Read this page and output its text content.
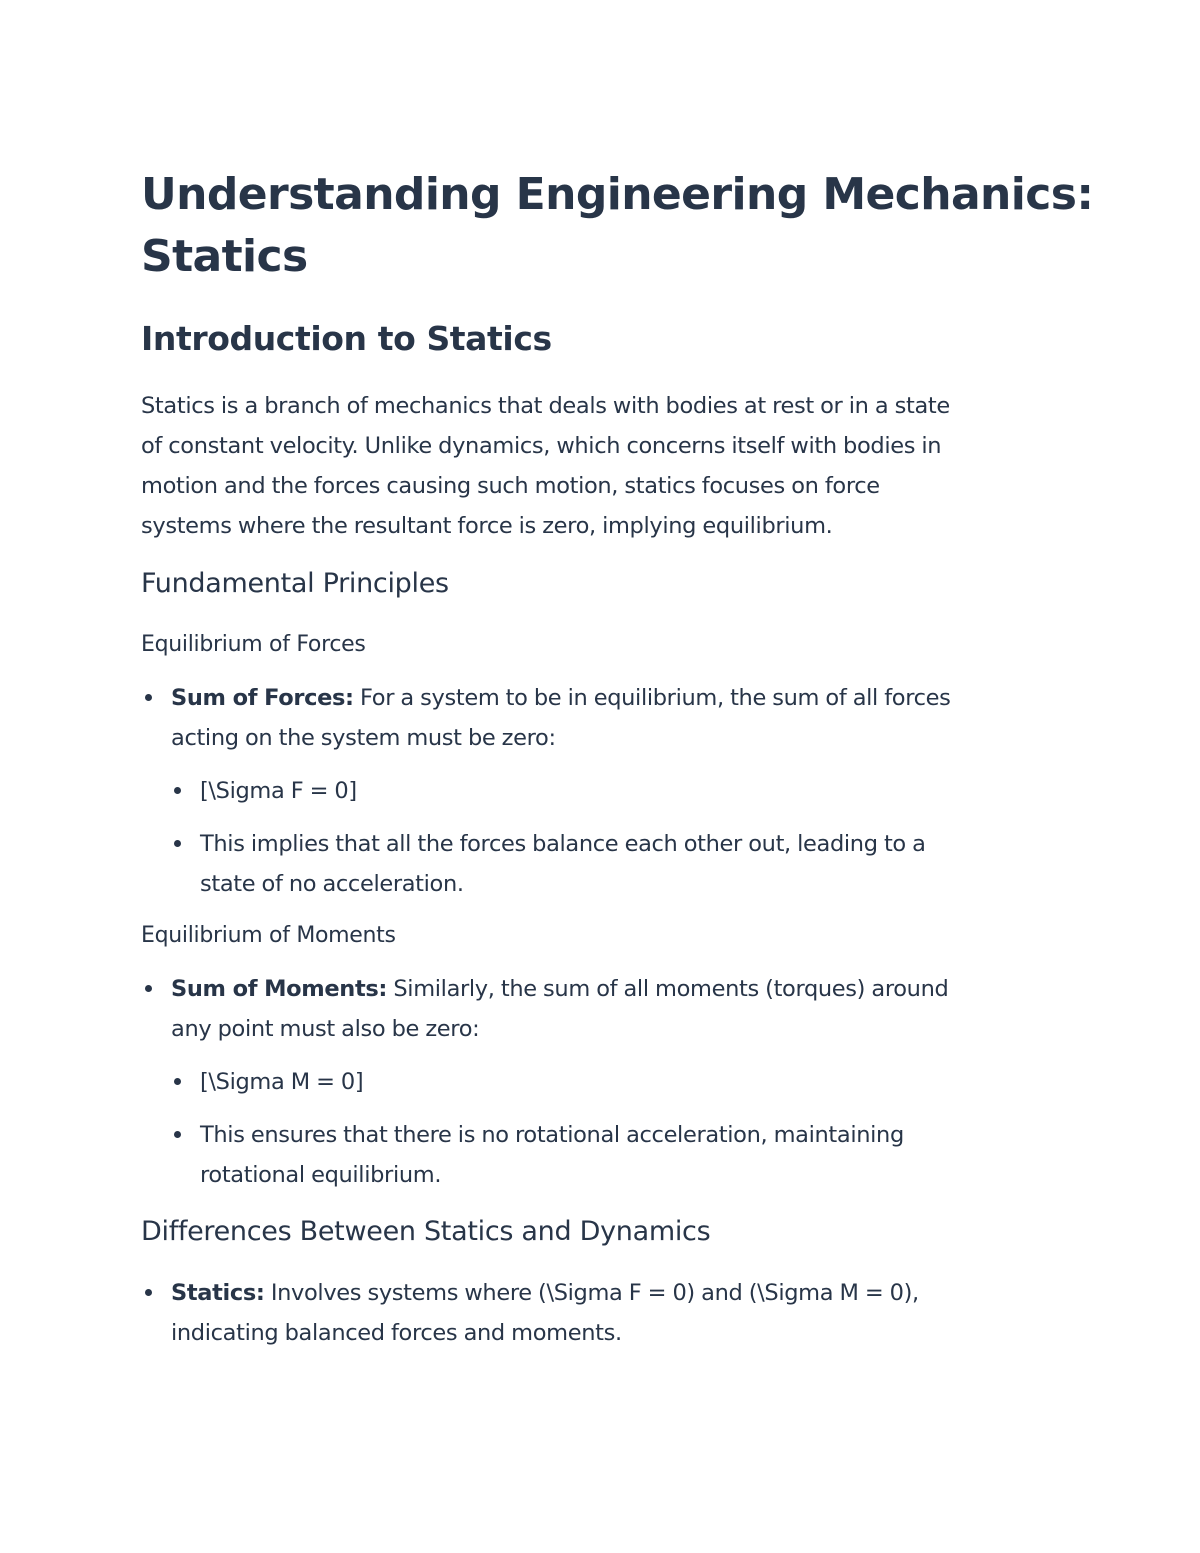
Understanding Engineering Mechanics:
Statics
Introduction to Statics

Statics is a branch of mechanics that deals with bodies at rest or in a state

of constant velocity. Unlike dynamics, which concerns itself with bodies in

motion and the forces causing such motion, statics focuses on force

systems where the resultant force is zero, implying equilibrium.

Fundamental Principles
Equilibrium of Forces

Sum of Forces: For a system to be in equilibrium, the sum of all forces

acting on the system must be zero:

[\Sigma F = 0]

This implies that all the forces balance each other out, leading to a

state of no acceleration.

Equilibrium of Moments

Sum of Moments: Similarly, the sum of all moments (torques) around

any point must also be zero:

[\Sigma M = 0]

This ensures that there is no rotational acceleration, maintaining

rotational equilibrium.

Differences Between Statics and Dynamics

Statics: Involves systems where (\Sigma F = 0) and (\Sigma M = 0),

indicating balanced forces and moments.
